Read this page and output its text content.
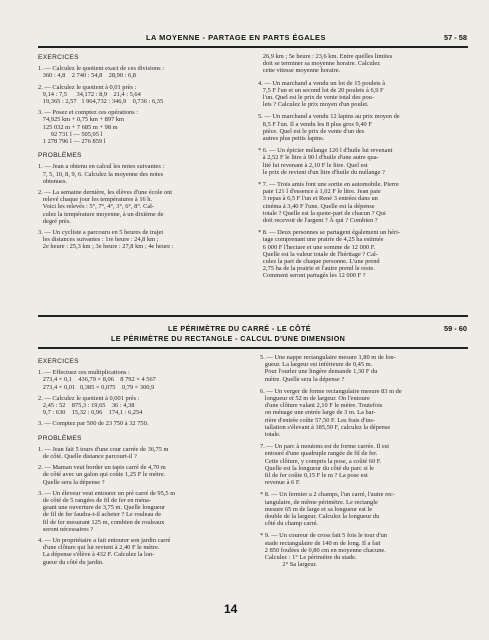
LA MOYENNE - PARTAGE EN PARTS ÉGALES	57 - 58

EXERCICES

1. — Calculez le quotient exact de ces divisions :

360 : 4,8    2 740 : 54,8    28,90 : 6,8

2. — Calculez le quotient à 0,01 près :

9,14 : 7,5      34,172 : 8,9    21,4 : 5,64

19,365 : 2,57   1 964,732 : 346,9    0,736 : 6,35

3. — Posez et comptez ces opérations :

74,925 km + 0,75 km + 897 km

125 032 m + 7 685 m + 98 m

92 731 l — 505,95 l

1 278 796 l — 276 859 l

PROBLÈMES

1. — Jean a obtenu en calcul les notes suivantes :

7, 5, 10, 8, 9, 6. Calculez la moyenne des notes

obtenues.

2. — La semaine dernière, les élèves d'une école ont

relevé chaque jour les températures à 16 h.

Voici les relevés : 5°, 7°, 4°, 3°, 6°, 8°. Cal-

culez la température moyenne, à un dixième de

degré près.

3. — Un cycliste a parcouru en 5 heures de trajet

les distances suivantes : 1re heure : 24,8 km ;

2e heure : 25,3 km ; 3e heure : 27,8 km ; 4e heure :

26,9 km ; 5e heure : 23,6 km. Entre quelles limites

doit se terminer sa moyenne horaire. Calculez

cette vitesse moyenne horaire.

4. — Un marchand a vendu un lot de 15 poulets à

7,5 F l'un et un second lot de 20 poulets à 6,9 F

l'un. Quel est le prix de vente total des pou-

lets ? Calculez le prix moyen d'un poulet.

5. — Un marchand a vendu 12 lapins au prix moyen de

8,5 F l'un. Il a vendu les 8 plus gros 9,40 F

pièce. Quel est le prix de vente d'un des

autres plus petits lapins.

* 6. — Un épicier mélange 120 l d'huile lui revenant

à 2,52 F le litre à 90 l d'huile d'une autre qua-

lité lui revenant à 2,10 F le litre. Quel est

le prix de revient d'un litre d'huile du mélange ?

* 7. — Trois amis font une sortie en automobile. Pierre

paie 121 l d'essence à 1,02 F le litre. Jean paie

3 repas à 6,5 F l'un et René 3 entrées dans un

cinéma à 3,40 F l'une. Quelle est la dépense

totale ? Quelle est la quote-part de chacun ? Qui

doit recevoir de l'argent ? À qui ? Combien ?

* 8. — Deux personnes se partagent également un héri-

tage comprenant une prairie de 4,25 ha estimée

6 000 F l'hectare et une somme de 12 000 F.

Quelle est la valeur totale de l'héritage ? Cal-

culez la part de chaque personne. L'une prend

2,75 ha de la prairie et l'autre prend le reste.

Comment seront partagés les 12 000 F ?

LE PÉRIMÈTRE DU CARRÉ - LE CÔTÉ	59 - 60
LE PÉRIMÈTRE DU RECTANGLE - CALCUL D'UNE DIMENSION

EXERCICES

1. — Effectuez ces multiplications :

273,4 × 0,1    436,79 × 8,06    8 792 × 4 567

273,4 × 0,01   0,385 × 0,075    0,79 × 300,9

2. — Calculez le quotient à 0,001 près :

2,45 : 52    875,3 : 19,65    36 : 4,38

9,7 : 630    15,32 : 0,96    174,1 : 6,254

3. — Comptez par 500 de 23 750 à 32 750.

PROBLÈMES

1. — Jean fait 5 tours d'une cour carrée de 36,75 m

de côté. Quelle distance parcourt-il ?

2. — Maman veut border un tapis carré de 4,70 m

de côté avec un galon qui coûte 1,25 F le mètre.

Quelle sera la dépense ?

3. — Un éleveur veut entourer un pré carré de 95,5 m

de côté de 5 rangées de fil de fer en ména-

geant une ouverture de 3,75 m. Quelle longueur

de fil de fer faudra-t-il acheter ? Le rouleau de

fil de fer mesurant 125 m, combien de rouleaux

seront nécessaires ?

4. — Un propriétaire a fait entourer son jardin carré

d'une clôture qui lui revient à 2,40 F le mètre.

La dépense s'élève à 432 F. Calculez la lon-

gueur du côté du jardin.

5. — Une nappe rectangulaire mesure 1,80 m de lon-

gueur. La largeur est inférieure de 0,45 m.

Pour l'ourler une lingère demande 1,30 F du

mètre. Quelle sera la dépense ?

6. — Un verger de forme rectangulaire mesure 83 m de

longueur et 52 m de largeur. On l'entoure

d'une clôture valant 2,10 F le mètre. Toutefois

on ménage une entrée large de 3 m. La bar-

rière d'entrée coûte 57,50 F. Les frais d'ins-

tallation s'élevant à 185,50 F, calculez la dépense

totale.

7. — Un parc à moutons est de forme carrée. Il est

entouré d'une quadruple rangée de fil de fer.

Cette clôture, y compris la pose, a coûté 60 F.

Quelle est la longueur du côté du parc si le

fil de fer coûte 0,15 F le m ? La pose est

revenue à 6 F.

* 8. — Un fermier a 2 champs, l'un carré, l'autre rec-

tangulaire, de même périmètre. Le rectangle

mesure 65 m de large et sa longueur est le

double de la largeur. Calculez la longueur du

côté du champ carré.

* 9. — Un coureur de cross fait 5 fois le tour d'un

stade rectangulaire de 140 m de long. Il a fait

2 850 foulées de 0,80 cm en moyenne chacune.

Calculez : 1° Le périmètre du stade.

2° Sa largeur.

14
